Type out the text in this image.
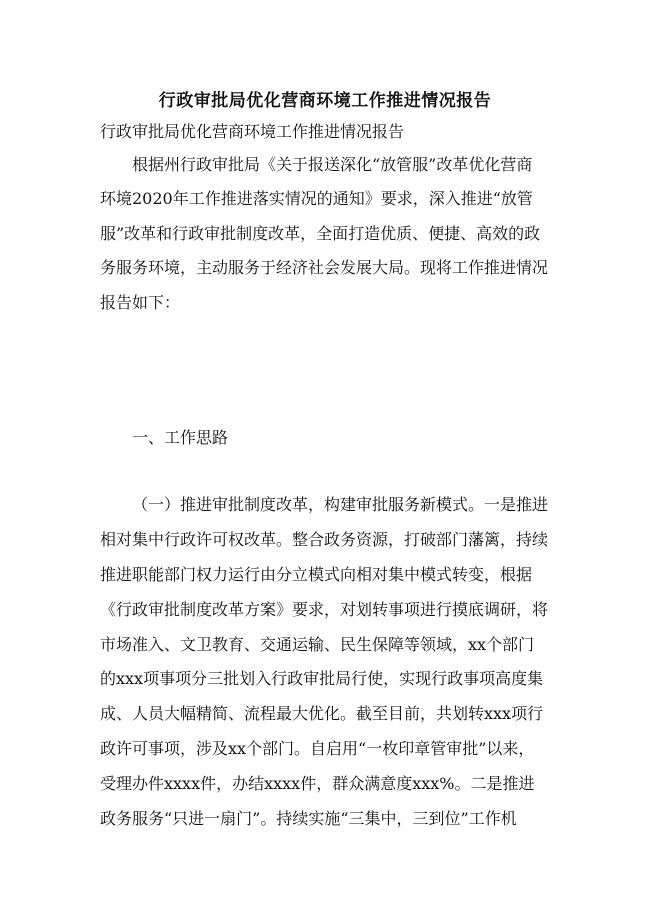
行政审批局优化营商环境工作推进情况报告
行政审批局优化营商环境工作推进情况报告
根据州行政审批局《关于报送深化“放管服”改革优化营商
环境2020年工作推进落实情况的通知》要求，深入推进“放管
服”改革和行政审批制度改革，全面打造优质、便捷、高效的政
务服务环境，主动服务于经济社会发展大局。现将工作推进情况
报告如下：
一、工作思路
（一）推进审批制度改革，构建审批服务新模式。一是推进
相对集中行政许可权改革。整合政务资源，打破部门藩篱，持续
推进职能部门权力运行由分立模式向相对集中模式转变，根据
《行政审批制度改革方案》要求，对划转事项进行摸底调研，将
市场准入、文卫教育、交通运输、民生保障等领域，xx个部门
的xxx项事项分三批划入行政审批局行使，实现行政事项高度集
成、人员大幅精简、流程最大优化。截至目前，共划转xxx项行
政许可事项，涉及xx个部门。自启用“一枚印章管审批”以来，
受理办件xxxx件，办结xxxx件，群众满意度xxx%。二是推进
政务服务“只进一扇门”。持续实施“三集中，三到位”工作机
